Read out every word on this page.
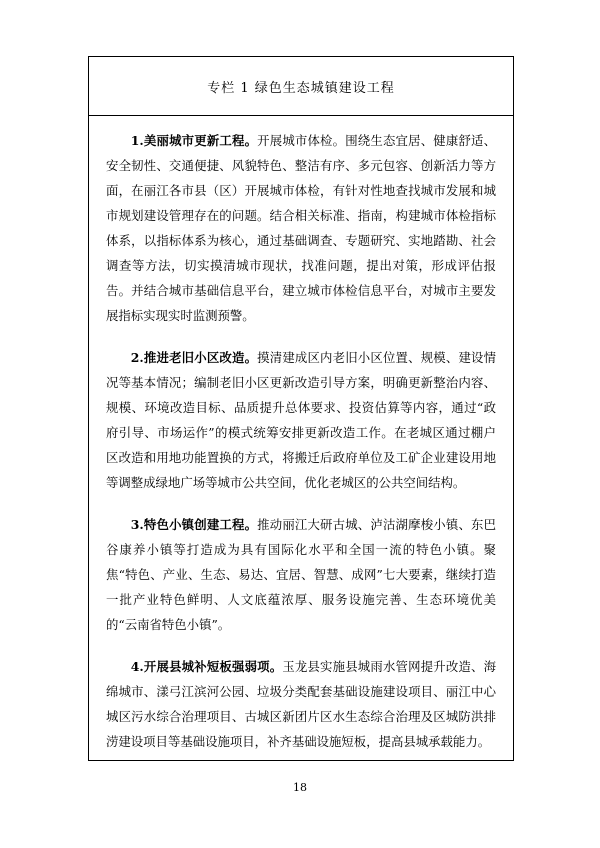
专栏 1 绿色生态城镇建设工程

1.美丽城市更新工程。开展城市体检。围绕生态宜居、健康舒适、安全韧性、交通便捷、风貌特色、整洁有序、多元包容、创新活力等方面，在丽江各市县（区）开展城市体检，有针对性地查找城市发展和城市规划建设管理存在的问题。结合相关标准、指南，构建城市体检指标体系，以指标体系为核心，通过基础调查、专题研究、实地踏勘、社会调查等方法，切实摸清城市现状，找准问题，提出对策，形成评估报告。并结合城市基础信息平台，建立城市体检信息平台，对城市主要发展指标实现实时监测预警。

2.推进老旧小区改造。摸清建成区内老旧小区位置、规模、建设情况等基本情况；编制老旧小区更新改造引导方案，明确更新整治内容、规模、环境改造目标、品质提升总体要求、投资估算等内容，通过“政府引导、市场运作”的模式统筹安排更新改造工作。在老城区通过棚户区改造和用地功能置换的方式，将搬迁后政府单位及工矿企业建设用地等调整成绿地广场等城市公共空间，优化老城区的公共空间结构。

3.特色小镇创建工程。推动丽江大研古城、泸沽湖摩梭小镇、东巴谷康养小镇等打造成为具有国际化水平和全国一流的特色小镇。聚焦“特色、产业、生态、易达、宜居、智慧、成网”七大要素，继续打造一批产业特色鲜明、人文底蕴浓厚、服务设施完善、生态环境优美的“云南省特色小镇”。

4.开展县城补短板强弱项。玉龙县实施县城雨水管网提升改造、海绵城市、漾弓江滨河公园、垃圾分类配套基础设施建设项目、丽江中心城区污水综合治理项目、古城区新团片区水生态综合治理及区城防洪排涝建设项目等基础设施项目，补齐基础设施短板，提高县城承载能力。

18
